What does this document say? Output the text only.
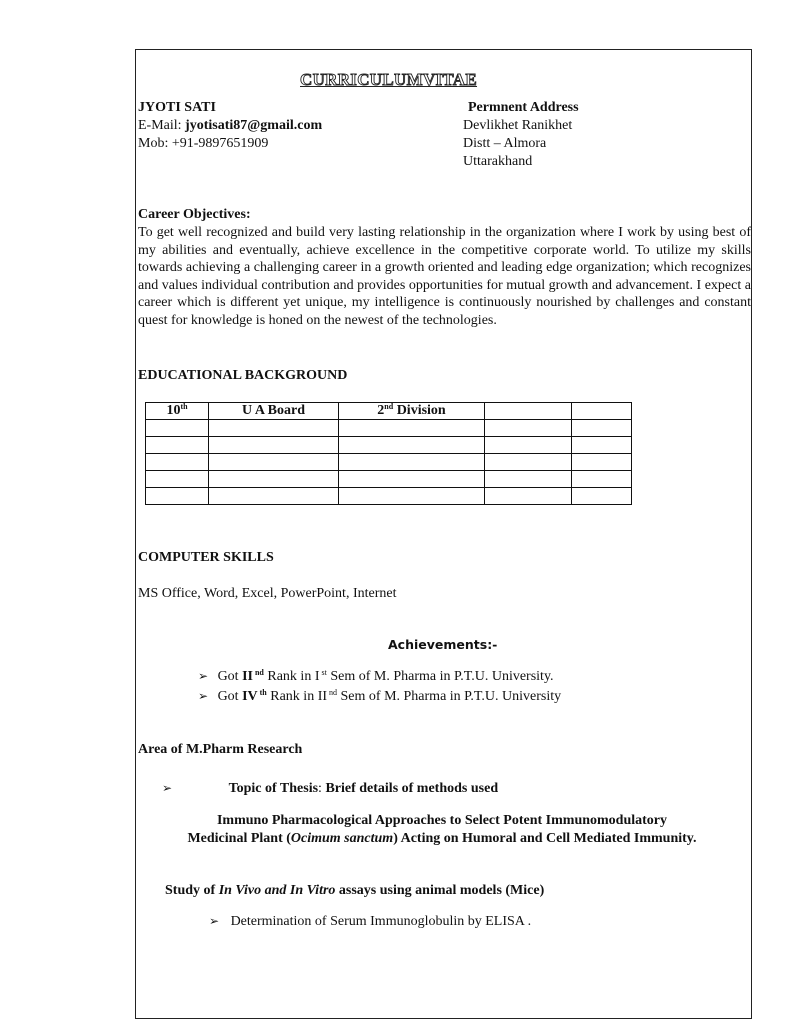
CURRICULUMVITAE
JYOTI SATI
E-Mail: jyotisati87@gmail.com
Mob: +91-9897651909
Permnent Address
Devlikhet Ranikhet
Distt – Almora
Uttarakhand
Career Objectives:
To get well recognized and build very lasting relationship in the organization where I work by using best of my abilities and eventually, achieve excellence in the competitive corporate world. To utilize my skills towards achieving a challenging career in a growth oriented and leading edge organization; which recognizes and values individual contribution and provides opportunities for mutual growth and advancement. I expect a career which is different yet unique, my intelligence is continuously nourished by challenges and constant quest for knowledge is honed on the newest of the technologies.
EDUCATIONAL BACKGROUND
10th	U A Board	2nd Division		

COMPUTER SKILLS
MS Office, Word, Excel, PowerPoint, Internet
Achievements:-
➢ Got II $^{nd}$ Rank in I $^{st}$ Sem of M. Pharma in P.T.U. University.
➢ Got IV $^{th}$ Rank in II $^{nd}$ Sem of M. Pharma in P.T.U. University
Area of M.Pharm Research
➢	Topic of Thesis: Brief details of methods used
Immuno Pharmacological Approaches to Select Potent Immunomodulatory
Medicinal Plant (Ocimum sanctum) Acting on Humoral and Cell Mediated Immunity.
Study of In Vivo and In Vitro assays using animal models (Mice)
➢ Determination of Serum Immunoglobulin by ELISA .
